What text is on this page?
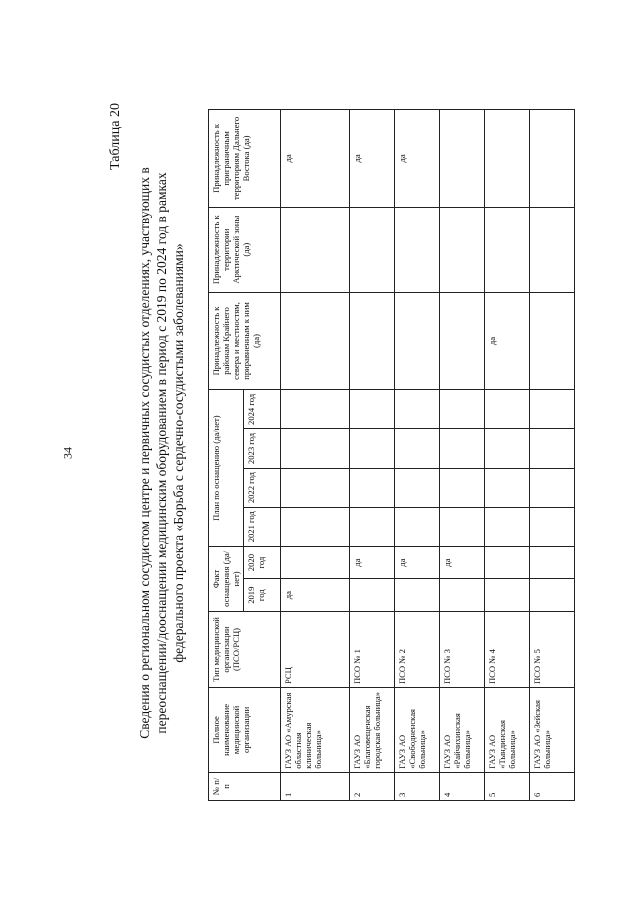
34
Таблица 20
Сведения о региональном сосудистом центре и первичных сосудистых отделениях, участвующих в переоснащении/дооснащении медицинским оборудованием в период с 2019 по 2024 год в рамках федерального проекта «Борьба с сердечно-сосудистыми заболеваниями»
№ п/п	Полное наименование медицинской организации	Тип медицинской организации (ПСО/РСЦ)	Факт оснащения (да/нет)		План по оснащению (да/нет)				Принадлежность к районам Крайнего севера и местностям, приравненным к ним (да)	Принадлежность к территории Арктической зоны (да)	Принадлежность к приграничным территориям Дальнего Востока (да)
			2019 год	2020 год	2021 год	2022 год	2023 год	2024 год			
1	ГАУЗ АО «Амурская областная клиническая больница»	РСЦ	да								да
2	ГАУЗ АО «Благовещенская городская больница»	ПСО № 1		да							да
3	ГАУЗ АО «Свободненская больница»	ПСО № 2		да							да
4	ГАУЗ АО «Райчихинская больница»	ПСО № 3		да							
5	ГАУЗ АО «Тындинская больница»	ПСО № 4							да		
6	ГАУЗ АО «Зейская больница»	ПСО № 5									
